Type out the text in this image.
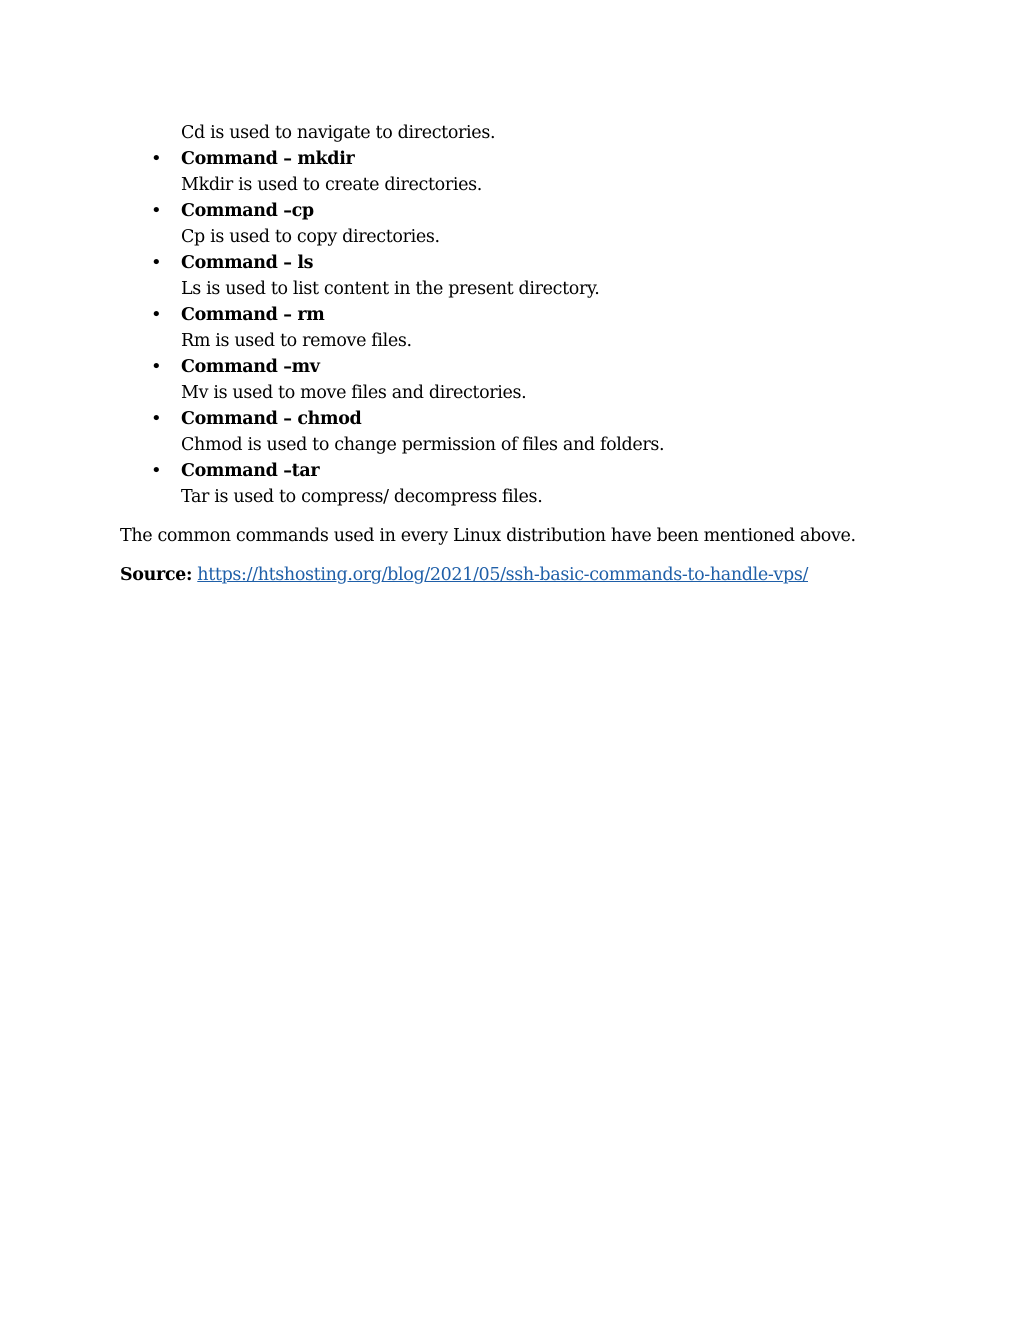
Cd is used to navigate to directories.
• Command – mkdir
Mkdir is used to create directories.
• Command –cp
Cp is used to copy directories.
• Command – ls
Ls is used to list content in the present directory.
• Command – rm
Rm is used to remove files.
• Command –mv
Mv is used to move files and directories.
• Command – chmod
Chmod is used to change permission of files and folders.
• Command –tar
Tar is used to compress/ decompress files.
The common commands used in every Linux distribution have been mentioned above.
Source: https://htshosting.org/blog/2021/05/ssh-basic-commands-to-handle-vps/
